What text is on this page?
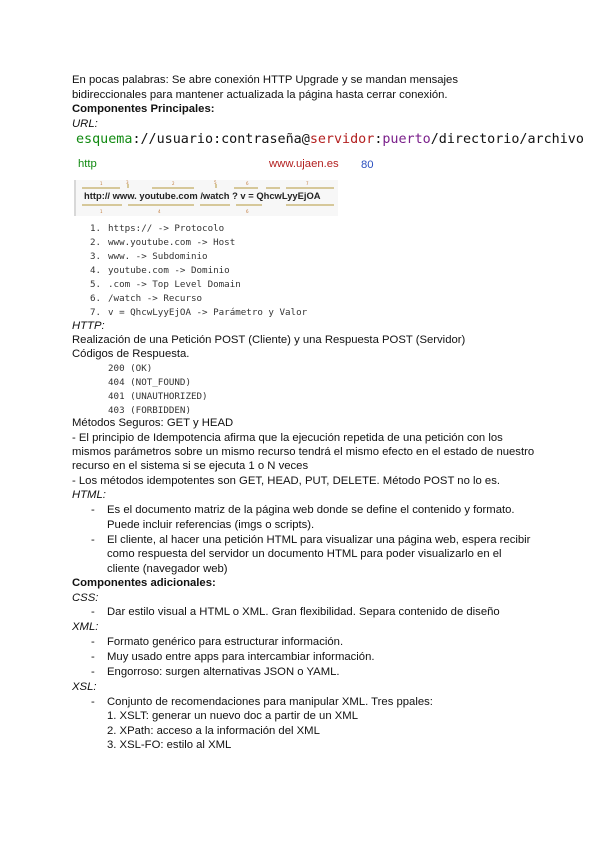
En pocas palabras: Se abre conexión HTTP Upgrade y se mandan mensajes
bidireccionales para mantener actualizada la página hasta cerrar conexión.
Componentes Principales:
URL:
esquema://usuario:contraseña@servidor:puerto/directorio/archivo
http	www.ujaen.es 80
1	3	2	5	6	7
1	4	6
http:// www. youtube.com /watch ? v = QhcwLyyEjOA
1. https:// -> Protocolo
2. www.youtube.com -> Host
3. www. -> Subdominio
4. youtube.com -> Dominio
5. .com -> Top Level Domain
6. /watch -> Recurso
7. v = QhcwLyyEjOA -> Parámetro y Valor
HTTP:
Realización de una Petición POST (Cliente) y una Respuesta POST (Servidor)
Códigos de Respuesta.
200 (OK)
404 (NOT_FOUND)
401 (UNAUTHORIZED)
403 (FORBIDDEN)
Métodos Seguros: GET y HEAD
- El principio de Idempotencia afirma que la ejecución repetida de una petición con los
mismos parámetros sobre un mismo recurso tendrá el mismo efecto en el estado de nuestro
recurso en el sistema si se ejecuta 1 o N veces
- Los métodos idempotentes son GET, HEAD, PUT, DELETE. Método POST no lo es.
HTML:
- Es el documento matriz de la página web donde se define el contenido y formato.
Puede incluir referencias (imgs o scripts).
- El cliente, al hacer una petición HTML para visualizar una página web, espera recibir
como respuesta del servidor un documento HTML para poder visualizarlo en el
cliente (navegador web)
Componentes adicionales:
CSS:
- Dar estilo visual a HTML o XML. Gran flexibilidad. Separa contenido de diseño
XML:
- Formato genérico para estructurar información.
- Muy usado entre apps para intercambiar información.
- Engorroso: surgen alternativas JSON o YAML.
XSL:
- Conjunto de recomendaciones para manipular XML. Tres ppales:
1. XSLT: generar un nuevo doc a partir de un XML
2. XPath: acceso a la información del XML
3. XSL-FO: estilo al XML
